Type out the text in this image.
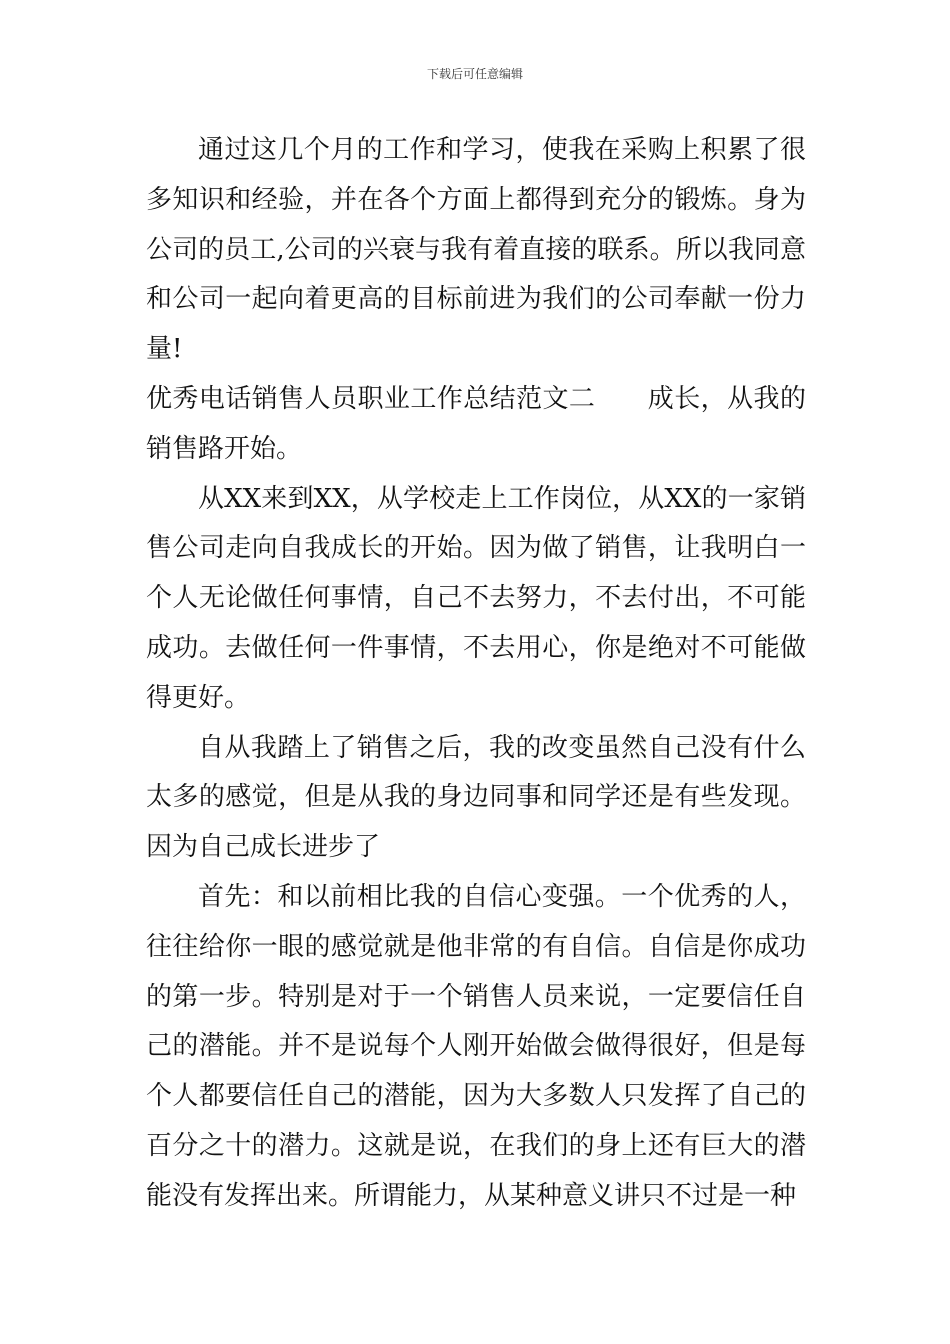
下载后可任意编辑

通过这几个月的工作和学习，使我在采购上积累了很多知识和经验，并在各个方面上都得到充分的锻炼。身为公司的员工,公司的兴衰与我有着直接的联系。所以我同意和公司一起向着更高的目标前进为我们的公司奉献一份力量!

优秀电话销售人员职业工作总结范文二 成长，从我的销售路开始。

从XX来到XX，从学校走上工作岗位，从XX的一家销售公司走向自我成长的开始。因为做了销售，让我明白一个人无论做任何事情，自己不去努力，不去付出，不可能成功。去做任何一件事情，不去用心，你是绝对不可能做得更好。

自从我踏上了销售之后，我的改变虽然自己没有什么太多的感觉，但是从我的身边同事和同学还是有些发现。因为自己成长进步了

首先：和以前相比我的自信心变强。一个优秀的人，往往给你一眼的感觉就是他非常的有自信。自信是你成功的第一步。特别是对于一个销售人员来说，一定要信任自己的潜能。并不是说每个人刚开始做会做得很好，但是每个人都要信任自己的潜能，因为大多数人只发挥了自己的百分之十的潜力。这就是说，在我们的身上还有巨大的潜能没有发挥出来。所谓能力，从某种意义讲只不过是一种
